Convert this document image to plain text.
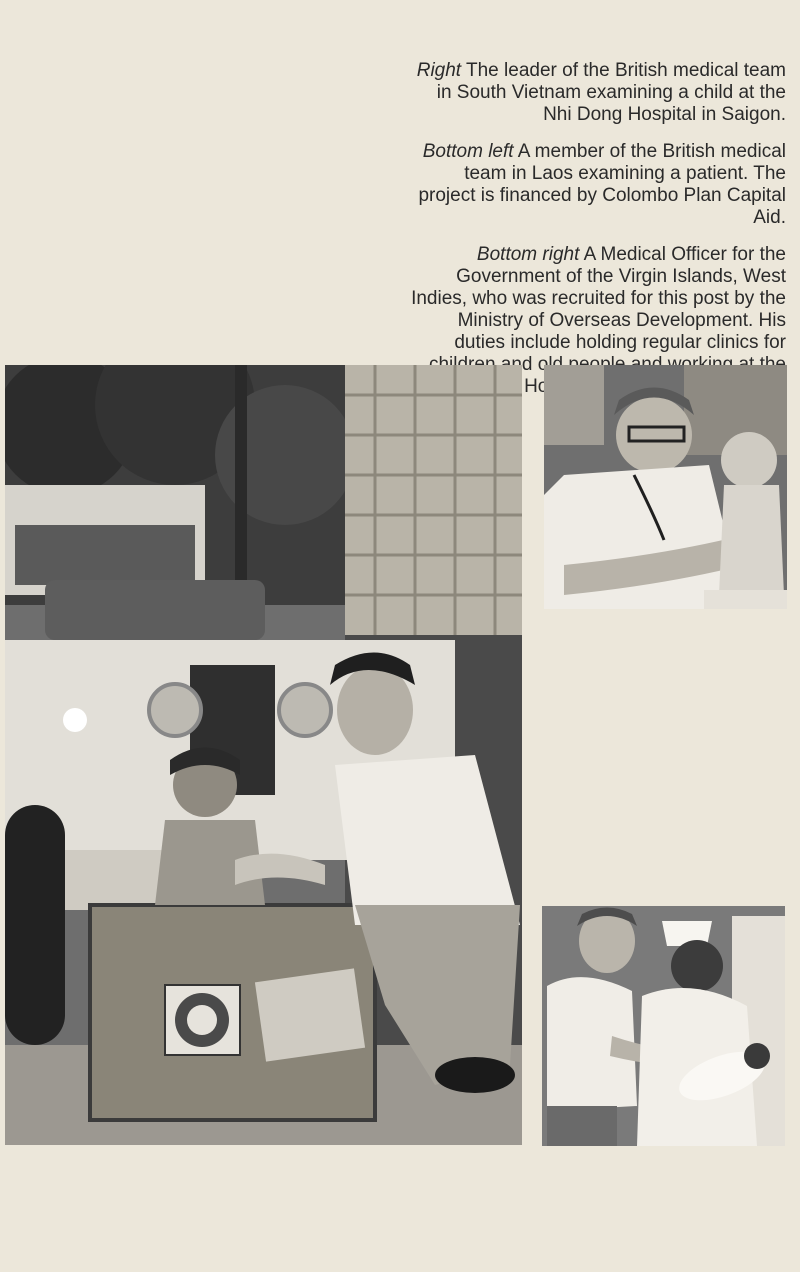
Right The leader of the British medical team in South Vietnam examining a child at the Nhi Dong Hospital in Saigon.

Bottom left A member of the British medical team in Laos examining a patient. The project is financed by Colombo Plan Capital Aid.

Bottom right A Medical Officer for the Government of the Virgin Islands, West Indies, who was recruited for this post by the Ministry of Overseas Development. His duties include holding regular clinics for
